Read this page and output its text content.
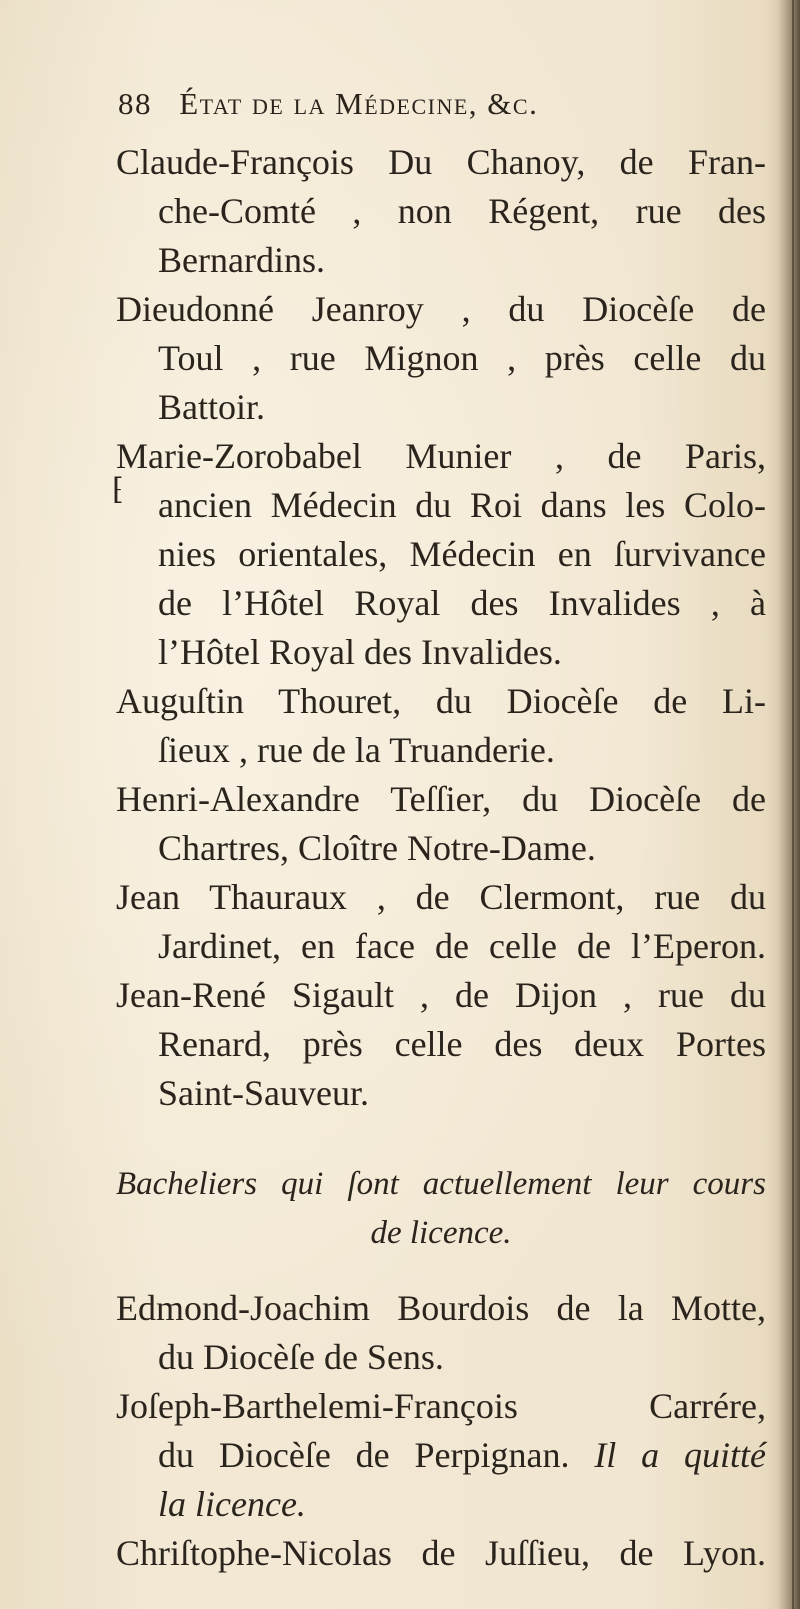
88 État de la Médecine, &c.
⁅
Claude-François Du Chanoy, de Fran-
che-Comté , non Régent, rue des
Bernardins.
Dieudonné Jeanroy , du Diocèſe de
Toul , rue Mignon , près celle du
Battoir.
Marie-Zorobabel Munier , de Paris,
ancien Médecin du Roi dans les Colo-
nies orientales, Médecin en ſurvivance
de l’Hôtel Royal des Invalides , à
l’Hôtel Royal des Invalides.
Auguſtin Thouret, du Diocèſe de Li-
ſieux , rue de la Truanderie.
Henri-Alexandre Teſſier, du Diocèſe de
Chartres, Cloître Notre-Dame.
Jean Thauraux , de Clermont, rue du
Jardinet, en face de celle de l’Eperon.
Jean-René Sigault , de Dijon , rue du
Renard, près celle des deux Portes
Saint-Sauveur.
Bacheliers qui ſont actuellement leur cours
de licence.
Edmond-Joachim Bourdois de la Motte,
du Diocèſe de Sens.
Joſeph-Barthelemi-François Carrére,
du Diocèſe de Perpignan. Il a quitté
la licence.
Chriſtophe-Nicolas de Juſſieu, de Lyon.
